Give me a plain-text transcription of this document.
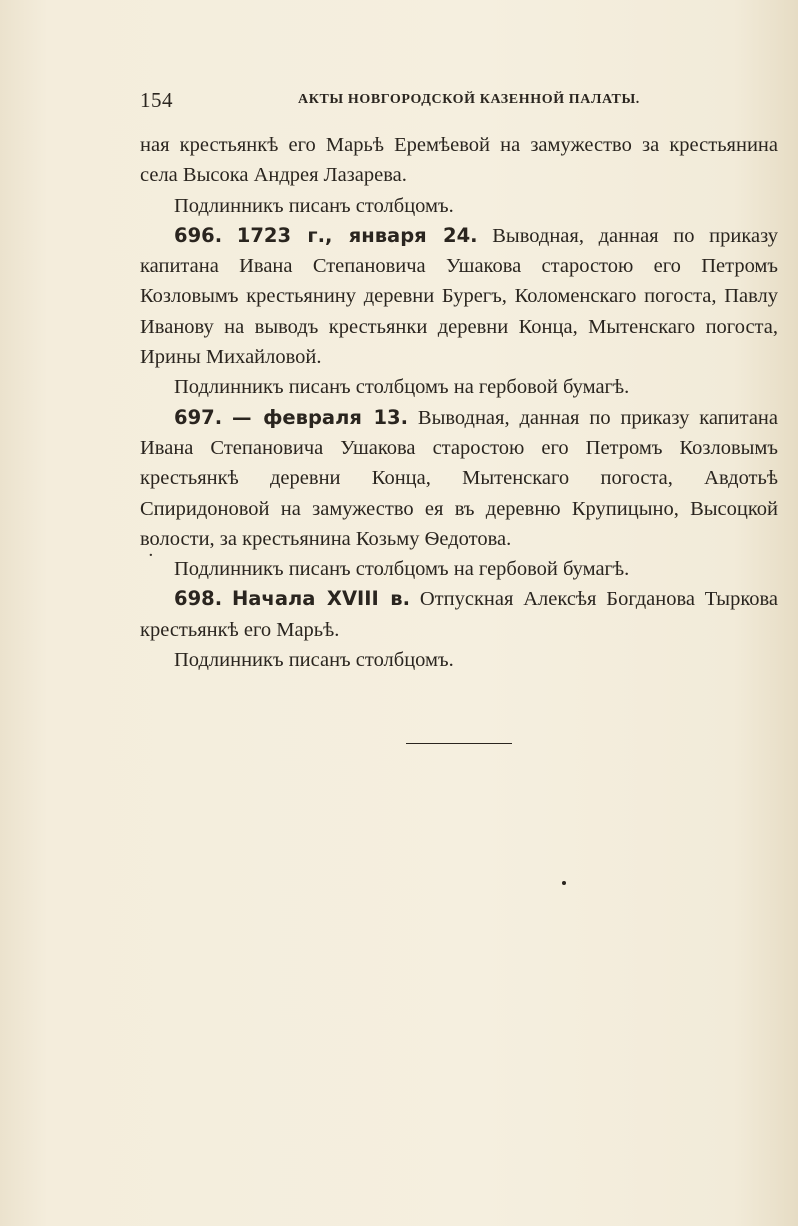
154	АКТЫ НОВГОРОДСКОЙ КАЗЕННОЙ ПАЛАТЫ.

ная крестьянкѣ его Марьѣ Еремѣевой на замужество за крестьянина села Высока Андрея Лазарева.

Подлинникъ писанъ столбцомъ.

696. 1723 г., января 24. Выводная, данная по приказу капитана Ивана Степановича Ушакова старостою его Петромъ Козловымъ крестьянину деревни Бурегъ, Коломенскаго погоста, Павлу Иванову на выводъ крестьянки деревни Конца, Мытенскаго погоста, Ирины Михайловой.

Подлинникъ писанъ столбцомъ на гербовой бумагѣ.

697. — февраля 13. Выводная, данная по приказу капитана Ивана Степановича Ушакова старостою его Петромъ Козловымъ крестьянкѣ деревни Конца, Мытенскаго погоста, Авдотьѣ Спиридоновой на замужество ея въ деревню Крупицыно, Высоцкой волости, за крестьянина Козьму Ѳедотова.

Подлинникъ писанъ столбцомъ на гербовой бумагѣ.

698. Начала XVIII в. Отпускная Алексѣя Богданова Тыркова крестьянкѣ его Марьѣ.

Подлинникъ писанъ столбцомъ.

·
